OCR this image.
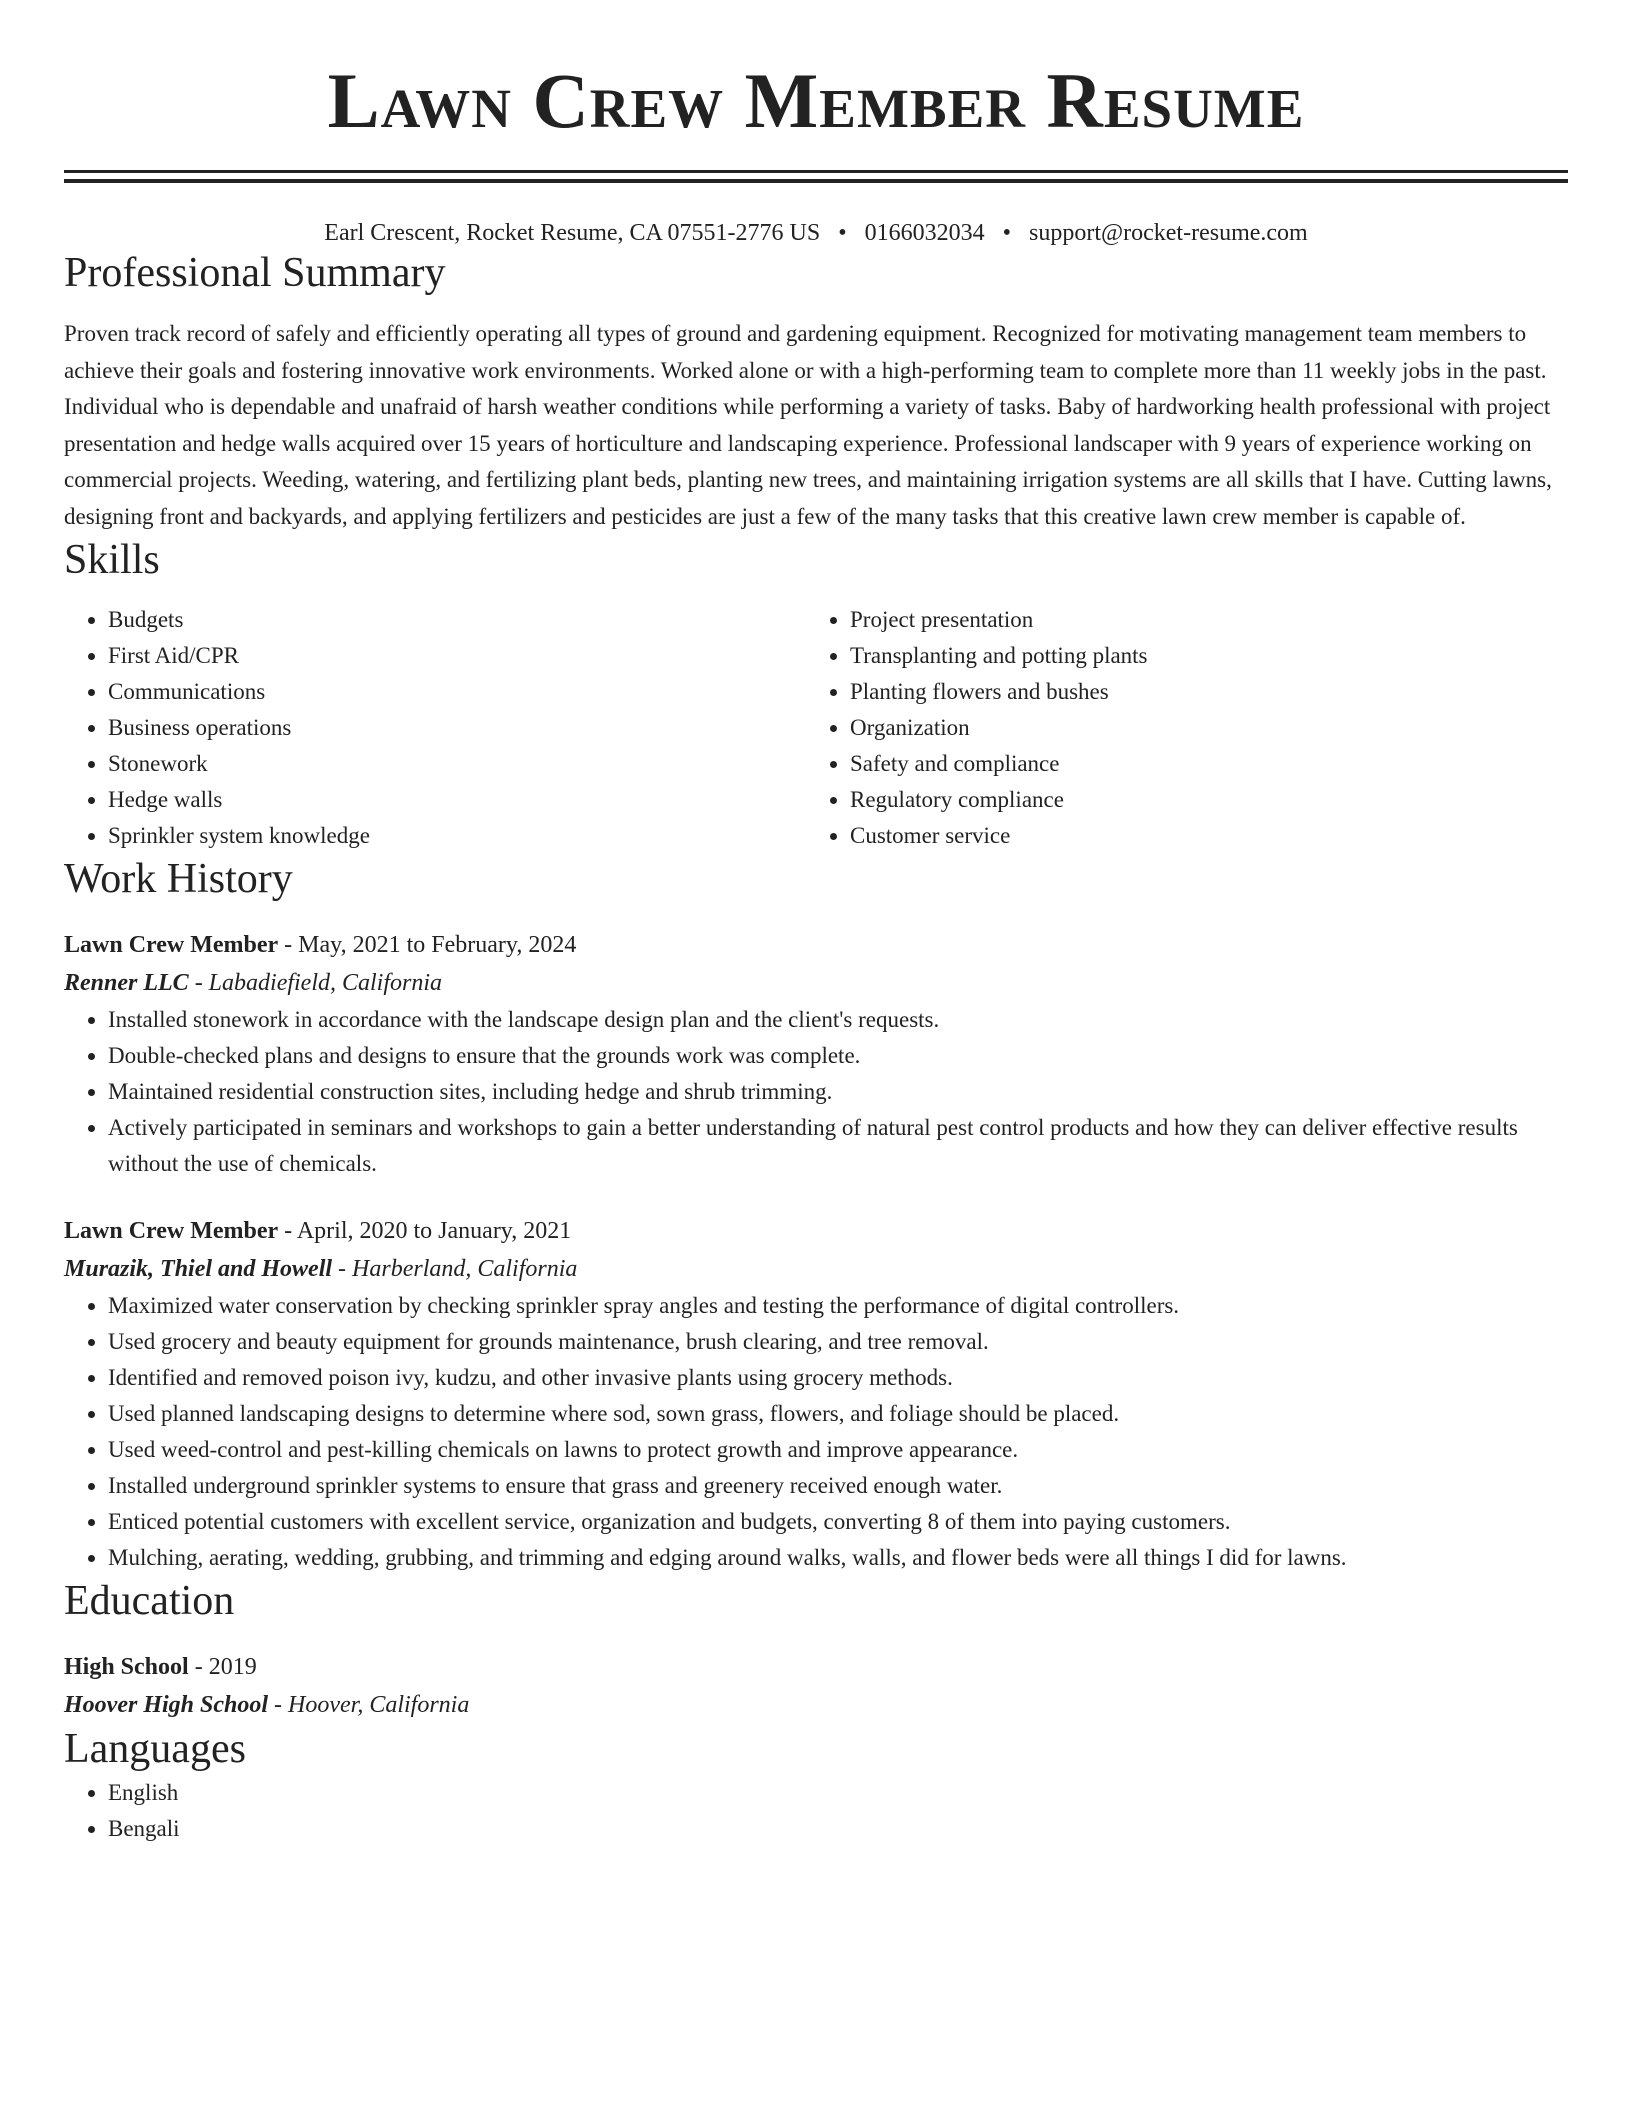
Lawn Crew Member Resume
Earl Crescent, Rocket Resume, CA 07551-2776 US • 0166032034 • support@rocket-resume.com
Professional Summary

Proven track record of safely and efficiently operating all types of ground and gardening equipment. Recognized for motivating management team members to achieve their goals and fostering innovative work environments. Worked alone or with a high-performing team to complete more than 11 weekly jobs in the past. Individual who is dependable and unafraid of harsh weather conditions while performing a variety of tasks. Baby of hardworking health professional with project presentation and hedge walls acquired over 15 years of horticulture and landscaping experience. Professional landscaper with 9 years of experience working on commercial projects. Weeding, watering, and fertilizing plant beds, planting new trees, and maintaining irrigation systems are all skills that I have. Cutting lawns, designing front and backyards, and applying fertilizers and pesticides are just a few of the many tasks that this creative lawn crew member is capable of.

Skills
• Budgets
• First Aid/CPR
• Communications
• Business operations
• Stonework
• Hedge walls
• Sprinkler system knowledge
• Project presentation
• Transplanting and potting plants
• Planting flowers and bushes
• Organization
• Safety and compliance
• Regulatory compliance
• Customer service
Work History
Lawn Crew Member - May, 2021 to February, 2024
Renner LLC - Labadiefield, California
• Installed stonework in accordance with the landscape design plan and the client's requests.
• Double-checked plans and designs to ensure that the grounds work was complete.
• Maintained residential construction sites, including hedge and shrub trimming.
• Actively participated in seminars and workshops to gain a better understanding of natural pest control products and how they can deliver effective results without the use of chemicals.
Lawn Crew Member - April, 2020 to January, 2021
Murazik, Thiel and Howell - Harberland, California
• Maximized water conservation by checking sprinkler spray angles and testing the performance of digital controllers.
• Used grocery and beauty equipment for grounds maintenance, brush clearing, and tree removal.
• Identified and removed poison ivy, kudzu, and other invasive plants using grocery methods.
• Used planned landscaping designs to determine where sod, sown grass, flowers, and foliage should be placed.
• Used weed-control and pest-killing chemicals on lawns to protect growth and improve appearance.
• Installed underground sprinkler systems to ensure that grass and greenery received enough water.
• Enticed potential customers with excellent service, organization and budgets, converting 8 of them into paying customers.
• Mulching, aerating, wedding, grubbing, and trimming and edging around walks, walls, and flower beds were all things I did for lawns.
Education
High School - 2019
Hoover High School - Hoover, California
Languages
• English
• Bengali
